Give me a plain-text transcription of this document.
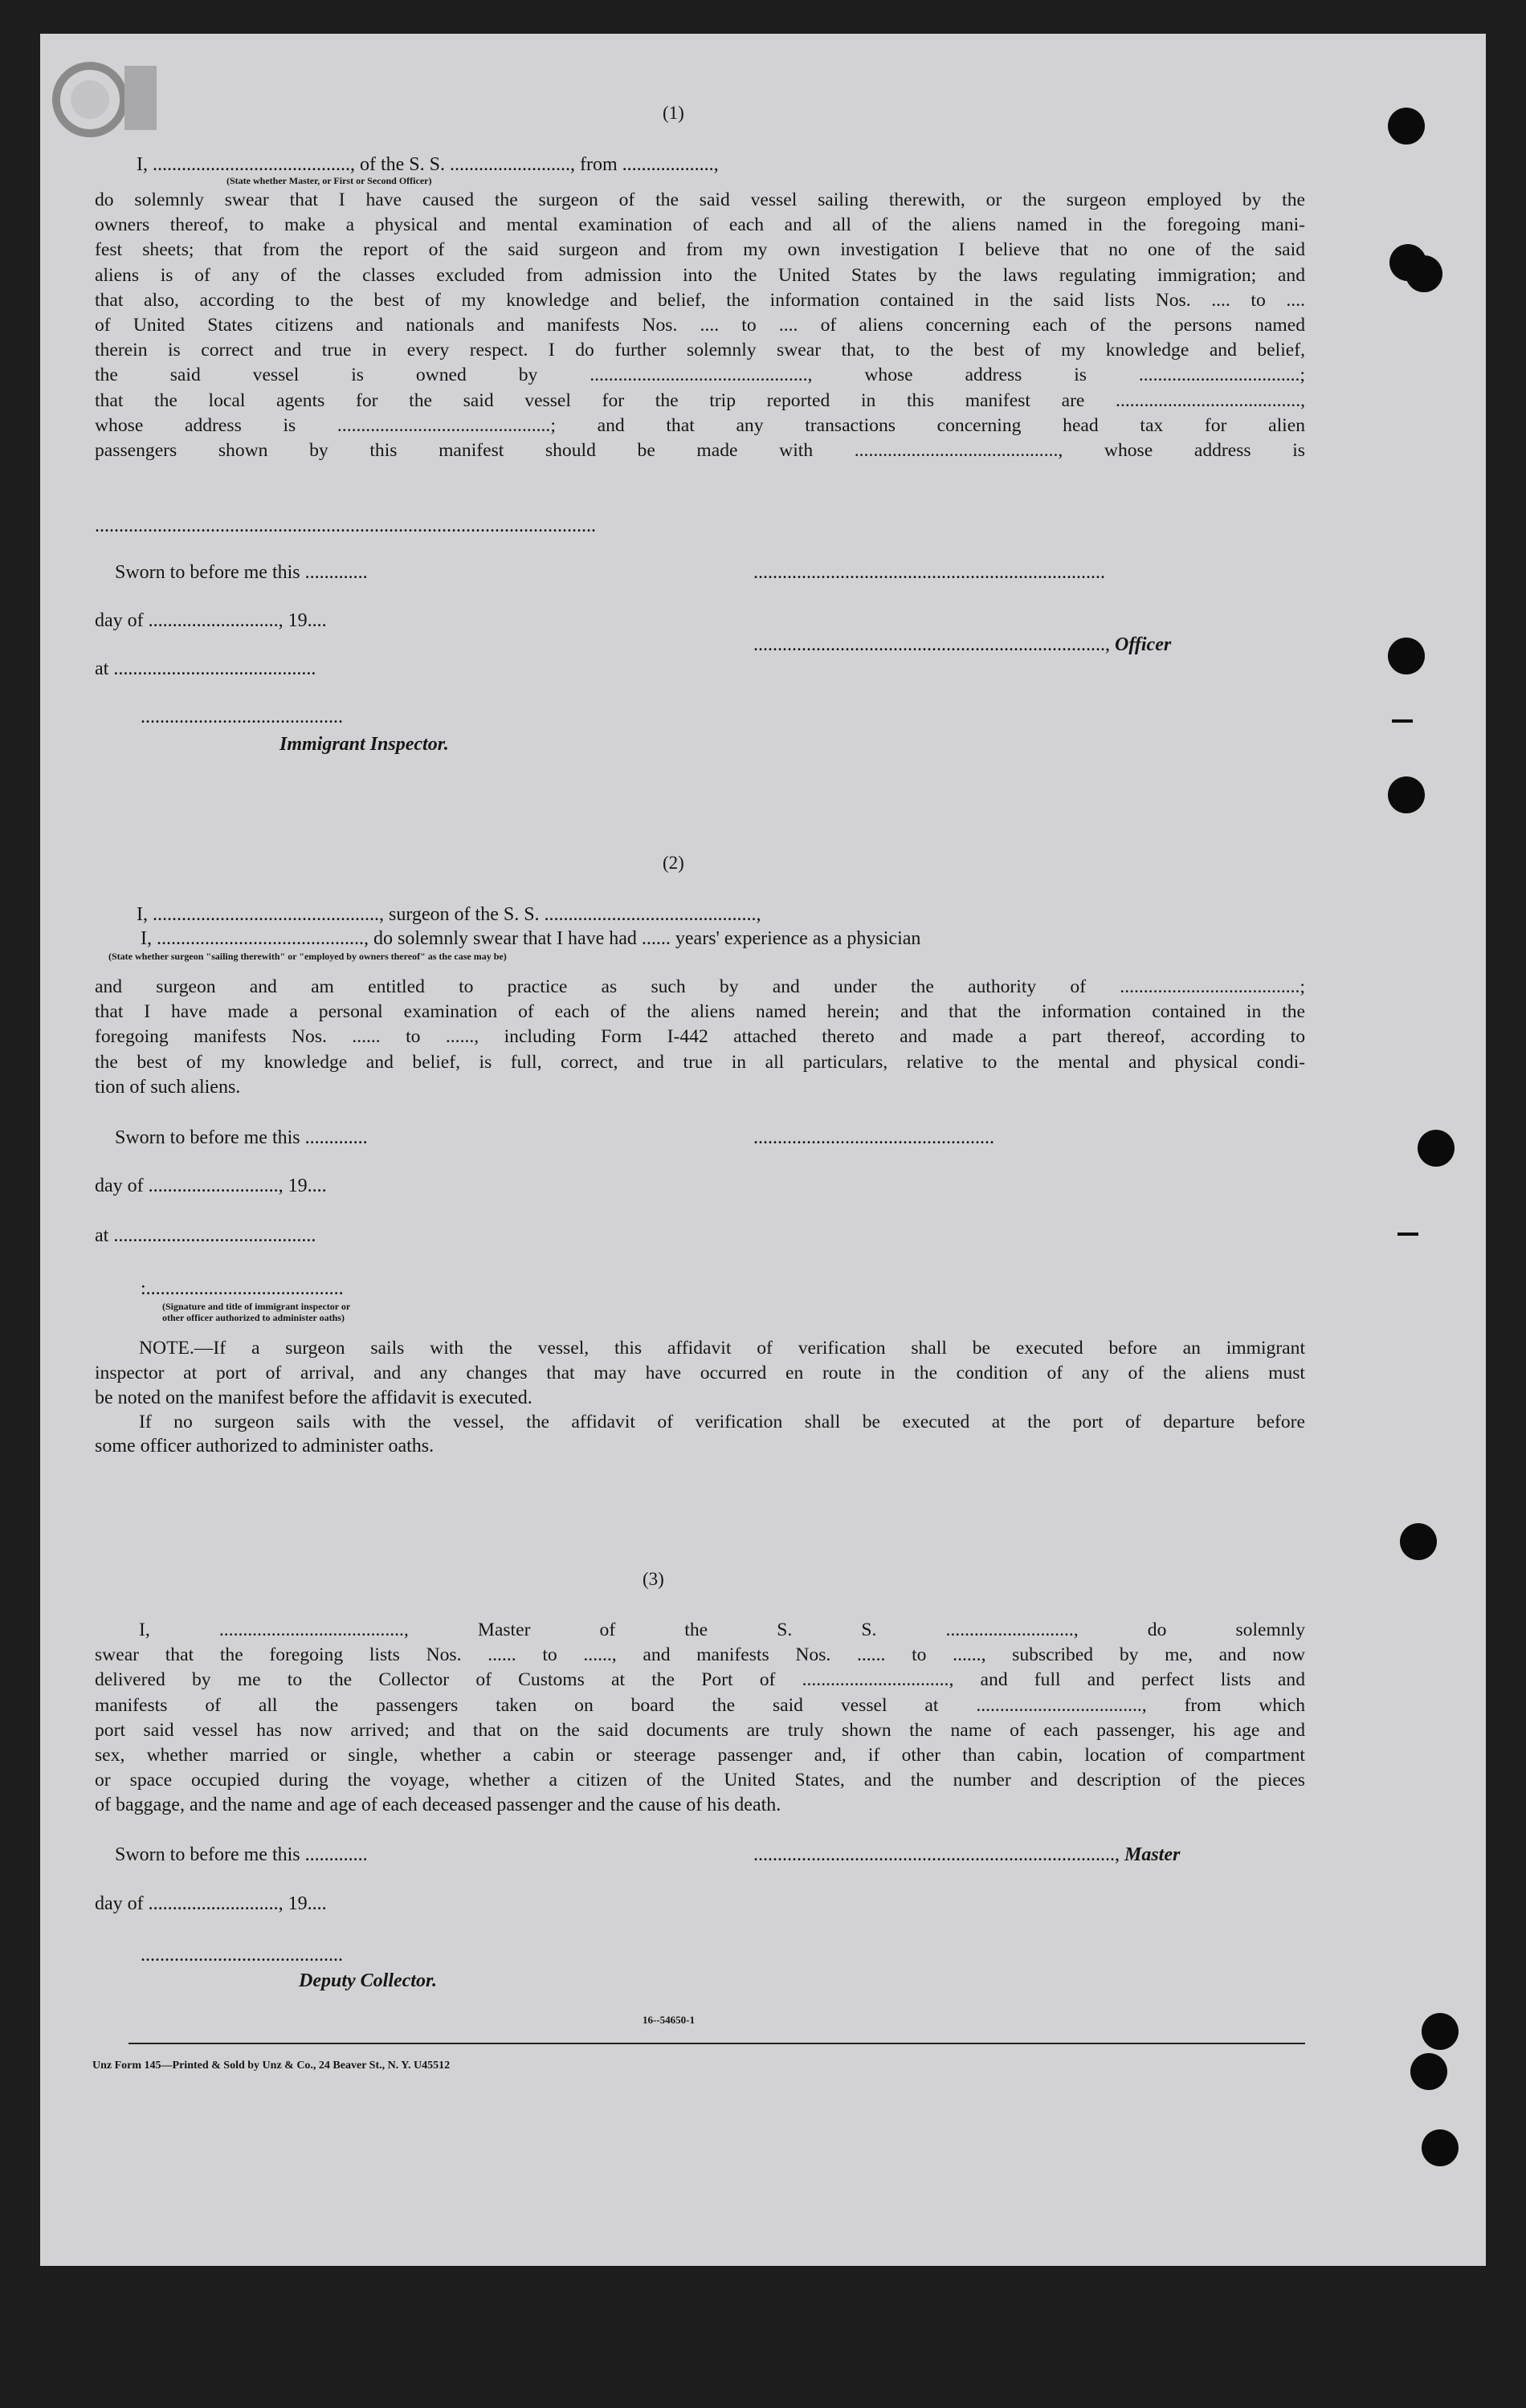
(1)
I, ........................................., of the S. S. ........................., from ...................,
(State whether Master, or First or Second Officer)
do solemnly swear that I have caused the surgeon of the said vessel sailing therewith, or the surgeon employed by the
owners thereof, to make a physical and mental examination of each and all of the aliens named in the foregoing mani-
fest sheets; that from the report of the said surgeon and from my own investigation I believe that no one of the said
aliens is of any of the classes excluded from admission into the United States by the laws regulating immigration; and
that also, according to the best of my knowledge and belief, the information contained in the said lists Nos. .... to ....
of United States citizens and nationals and manifests Nos. .... to .... of aliens concerning each of the persons named
therein is correct and true in every respect. I do further solemnly swear that, to the best of my knowledge and belief,
the said vessel is owned by .............................................., whose address is ..................................;
that the local agents for the said vessel for the trip reported in this manifest are .......................................,
whose address is .............................................; and that any transactions concerning head tax for alien
passengers shown by this manifest should be made with ..........................................., whose address is
........................................................................................................
Sworn to before me this .............	.........................................................................
day of ..........................., 19....
........................................................................., Officer
at ..........................................
..........................................
Immigrant Inspector.
(2)
I, ..............................................., surgeon of the S. S. ............................................,
I, ..........................................., do solemnly swear that I have had ...... years' experience as a physician
(State whether surgeon "sailing therewith" or "employed by owners thereof" as the case may be)
and surgeon and am entitled to practice as such by and under the authority of ......................................;
that I have made a personal examination of each of the aliens named herein; and that the information contained in the
foregoing manifests Nos. ...... to ......, including Form I-442 attached thereto and made a part thereof, according to
the best of my knowledge and belief, is full, correct, and true in all particulars, relative to the mental and physical condi-
tion of such aliens.
Sworn to before me this .............	..................................................
day of ..........................., 19....
at ..........................................
:.........................................
(Signature and title of immigrant inspector or
other officer authorized to administer oaths)
NOTE.—If a surgeon sails with the vessel, this affidavit of verification shall be executed before an immigrant
inspector at port of arrival, and any changes that may have occurred en route in the condition of any of the aliens must
be noted on the manifest before the affidavit is executed.
If no surgeon sails with the vessel, the affidavit of verification shall be executed at the port of departure before
some officer authorized to administer oaths.
(3)
I, ......................................., Master of the S. S. ..........................., do solemnly
swear that the foregoing lists Nos. ...... to ......, and manifests Nos. ...... to ......, subscribed by me, and now
delivered by me to the Collector of Customs at the Port of ..............................., and full and perfect lists and
manifests of all the passengers taken on board the said vessel at ..................................., from which
port said vessel has now arrived; and that on the said documents are truly shown the name of each passenger, his age and
sex, whether married or single, whether a cabin or steerage passenger and, if other than cabin, location of compartment
or space occupied during the voyage, whether a citizen of the United States, and the number and description of the pieces
of baggage, and the name and age of each deceased passenger and the cause of his death.
Sworn to before me this .............	..........................................................................., Master
day of ..........................., 19....
..........................................
Deputy Collector.
16--54650-1
Unz Form 145—Printed & Sold by Unz & Co., 24 Beaver St., N. Y. U45512
